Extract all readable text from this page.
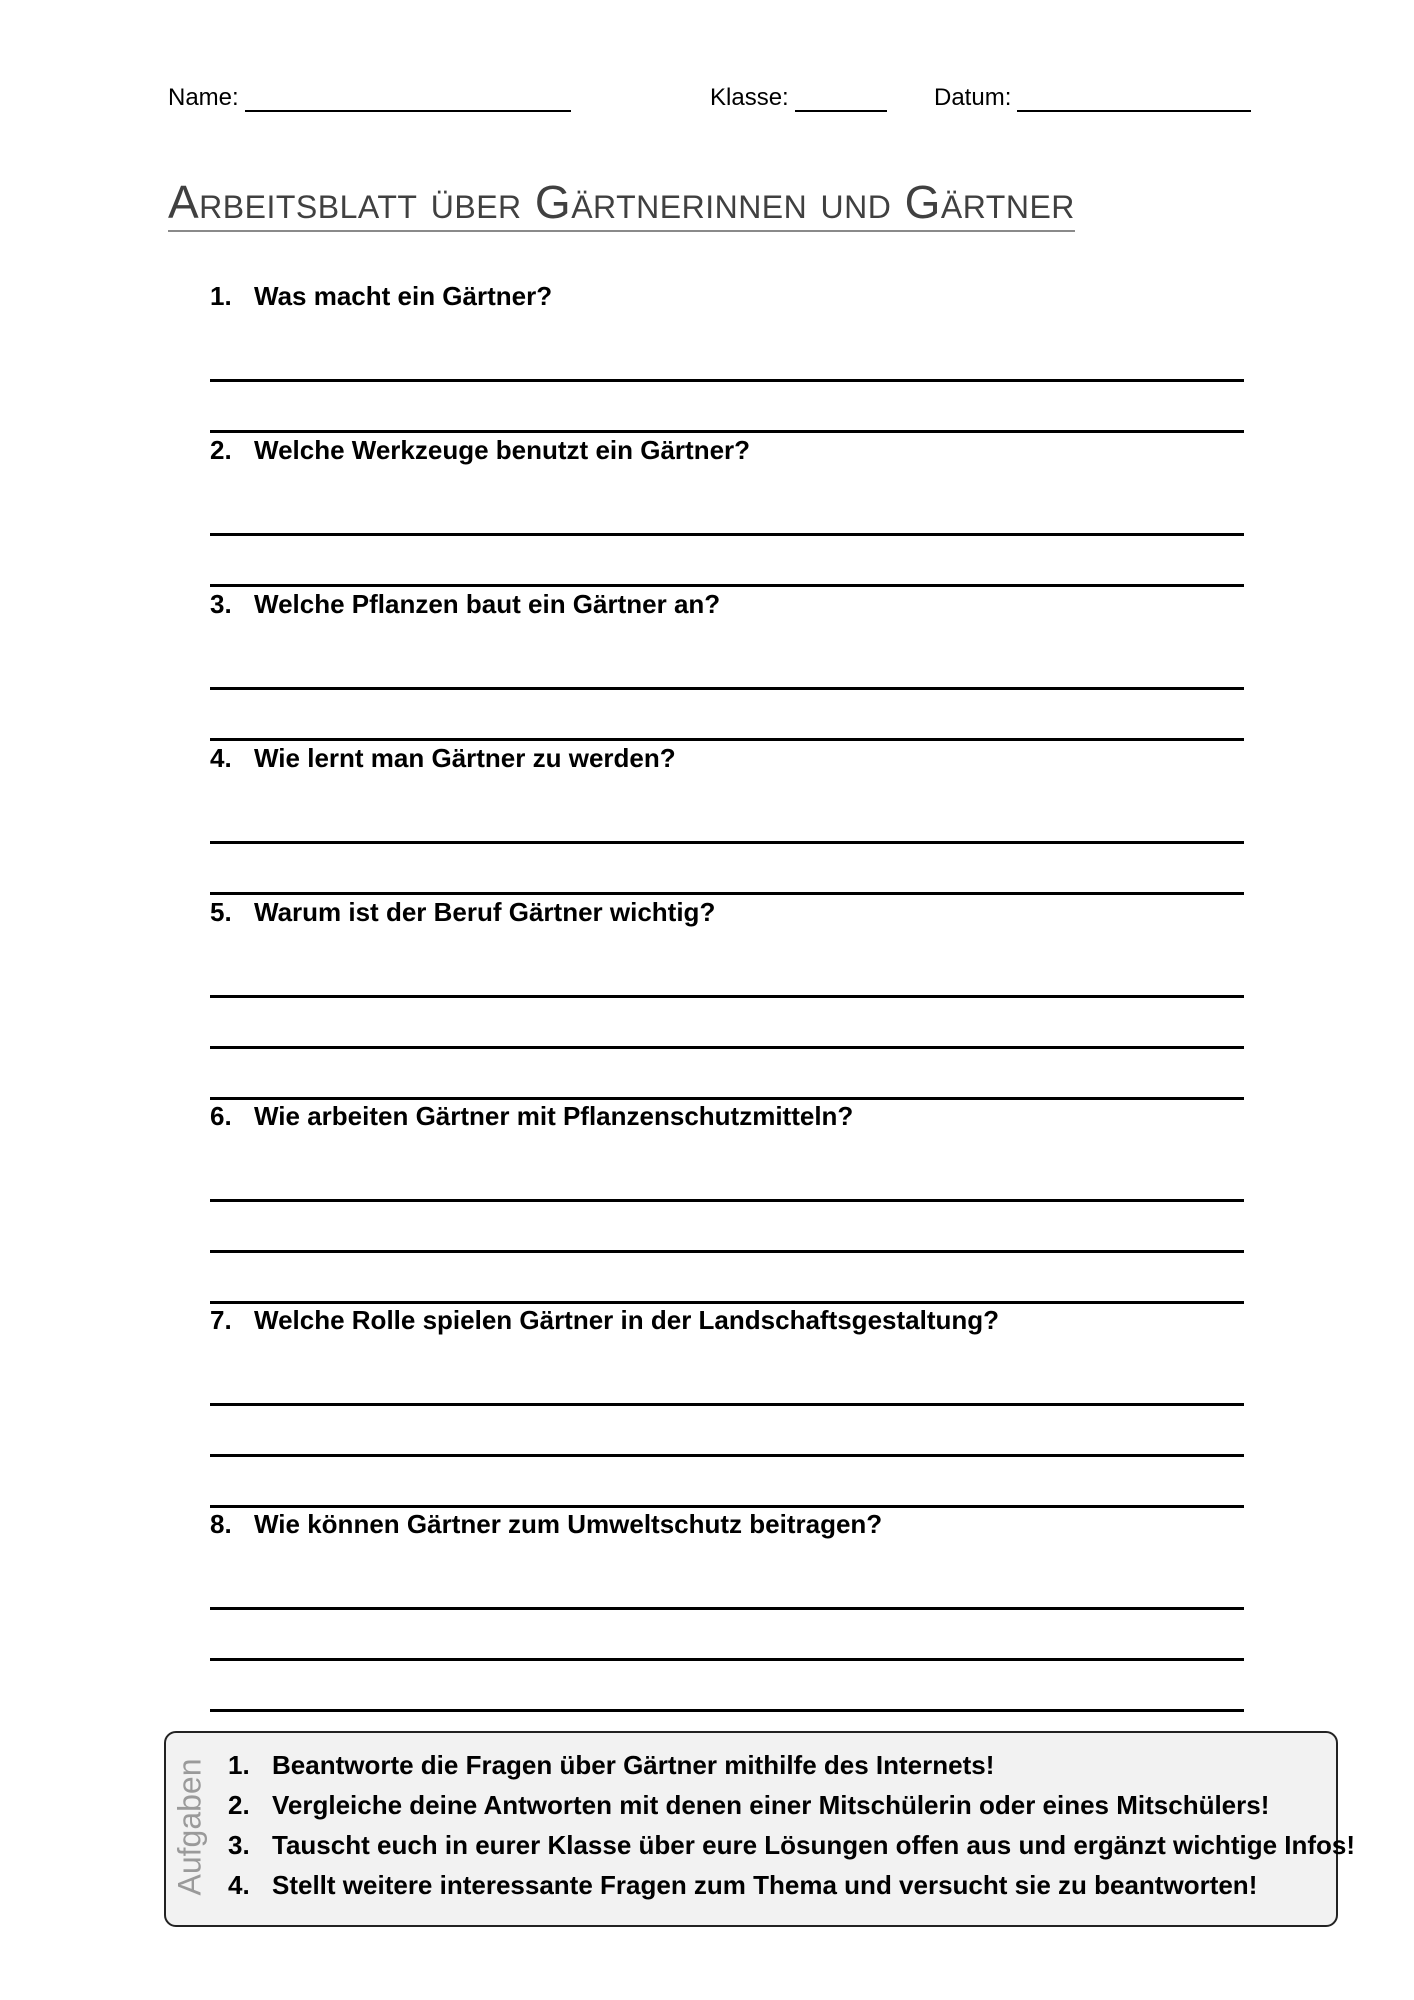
Name:	Klasse:	Datum:
Arbeitsblatt über Gärtnerinnen und Gärtner
1. Was macht ein Gärtner?
2. Welche Werkzeuge benutzt ein Gärtner?
3. Welche Pflanzen baut ein Gärtner an?
4. Wie lernt man Gärtner zu werden?
5. Warum ist der Beruf Gärtner wichtig?
6. Wie arbeiten Gärtner mit Pflanzenschutzmitteln?
7. Welche Rolle spielen Gärtner in der Landschaftsgestaltung?
8. Wie können Gärtner zum Umweltschutz beitragen?
Aufgaben 1. Beantworte die Fragen über Gärtner mithilfe des Internets!
2. Vergleiche deine Antworten mit denen einer Mitschülerin oder eines Mitschülers!
3. Tauscht euch in eurer Klasse über eure Lösungen offen aus und ergänzt wichtige Infos!
4. Stellt weitere interessante Fragen zum Thema und versucht sie zu beantworten!
